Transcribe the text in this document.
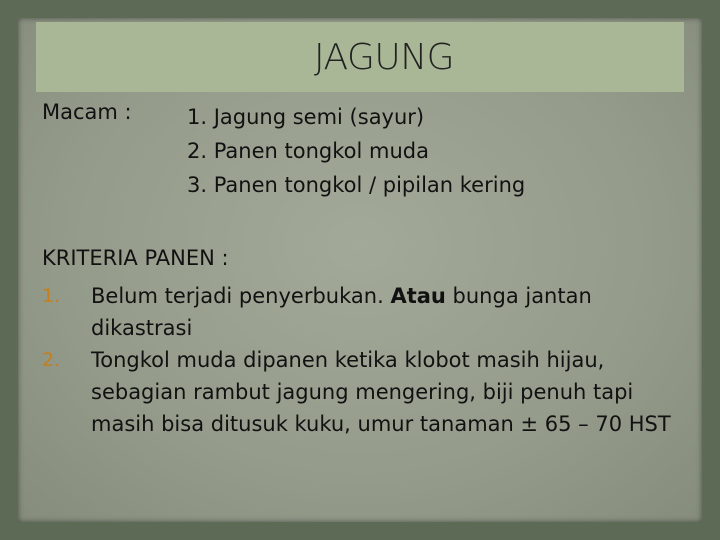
JAGUNG
Macam :	1. Jagung semi (sayur)
2. Panen tongkol muda
3. Panen tongkol / pipilan kering
KRITERIA PANEN :
1.	Belum terjadi penyerbukan. Atau bunga jantan dikastrasi
2.	Tongkol muda dipanen ketika klobot masih hijau, sebagian rambut jagung mengering, biji penuh tapi masih bisa ditusuk kuku, umur tanaman ± 65 – 70 HST
